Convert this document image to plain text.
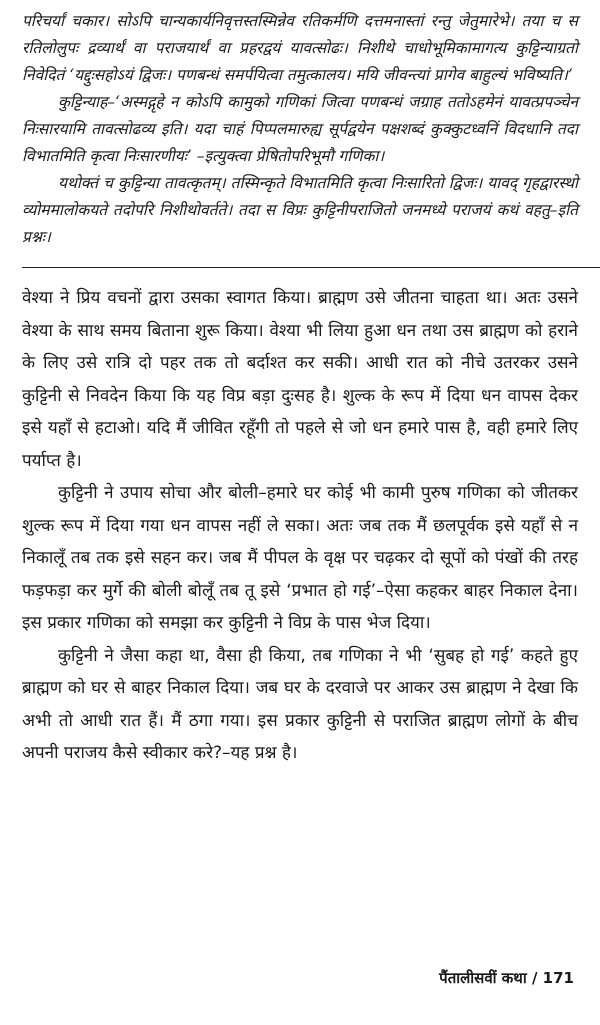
परिचर्यां चकार। सोऽपि चान्यकार्यनिवृत्तस्तस्मिन्नेव रतिकर्मणि दत्तमनास्तां रन्तु जेतुमारेभे। तया च स रतिलोलुपः द्रव्यार्थं वा पराजयार्थं वा प्रहरद्वयं यावत्सोढः। निशीथे चाधोभूमिकामागत्य कुट्टिन्याग्रतो निवेदितं ‘यद्दुःसहोऽयं द्विजः। पणबन्धं समर्पयित्वा तमुत्कालय। मयि जीवन्त्यां प्रागेव बाहुल्यं भविष्यति।’

कुट्टिन्याह–‘अस्मद्गृहे न कोऽपि कामुको गणिकां जित्वा पणबन्धं जग्राह ततोऽहमेनं यावत्प्रपञ्चेन निःसारयामि तावत्सोढव्य इति। यदा चाहं पिप्पलमारुह्य सूर्पद्वयेन पक्षशब्दं कुक्कुटध्वनिं विदधानि तदा विभातमिति कृत्वा निःसारणीयः’ –इत्युक्त्वा प्रेषितोपरिभूमौ गणिका।

यथोक्तं च कुट्टिन्या तावत्कृतम्। तस्मिन्कृते विभातमिति कृत्वा निःसारितो द्विजः। यावद् गृहद्वारस्थो व्योममालोकयते तदोपरि निशीथोवर्तते। तदा स विप्रः कुट्टिनीपराजितो जनमध्ये पराजयं कथं वहतु–इति प्रश्नः।

वेश्या ने प्रिय वचनों द्वारा उसका स्वागत किया। ब्राह्मण उसे जीतना चाहता था। अतः उसने वेश्या के साथ समय बिताना शुरू किया। वेश्या भी लिया हुआ धन तथा उस ब्राह्मण को हराने के लिए उसे रात्रि दो पहर तक तो बर्दाश्त कर सकी। आधी रात को नीचे उतरकर उसने कुट्टिनी से निवदेन किया कि यह विप्र बड़ा दुःसह है। शुल्क के रूप में दिया धन वापस देकर इसे यहाँ से हटाओ। यदि मैं जीवित रहूँगी तो पहले से जो धन हमारे पास है, वही हमारे लिए पर्याप्त है।

कुट्टिनी ने उपाय सोचा और बोली–हमारे घर कोई भी कामी पुरुष गणिका को जीतकर शुल्क रूप में दिया गया धन वापस नहीं ले सका। अतः जब तक मैं छलपूर्वक इसे यहाँ से न निकालूँ तब तक इसे सहन कर। जब मैं पीपल के वृक्ष पर चढ़कर दो सूपों को पंखों की तरह फड़फड़ा कर मुर्गे की बोली बोलूँ तब तू इसे ‘प्रभात हो गई’–ऐसा कहकर बाहर निकाल देना। इस प्रकार गणिका को समझा कर कुट्टिनी ने विप्र के पास भेज दिया।

कुट्टिनी ने जैसा कहा था, वैसा ही किया, तब गणिका ने भी ‘सुबह हो गई’ कहते हुए ब्राह्मण को घर से बाहर निकाल दिया। जब घर के दरवाजे पर आकर उस ब्राह्मण ने देखा कि अभी तो आधी रात हैं। मैं ठगा गया। इस प्रकार कुट्टिनी से पराजित ब्राह्मण लोगों के बीच अपनी पराजय कैसे स्वीकार करे?–यह प्रश्न है।

पैंतालीसवीं कथा / 171
